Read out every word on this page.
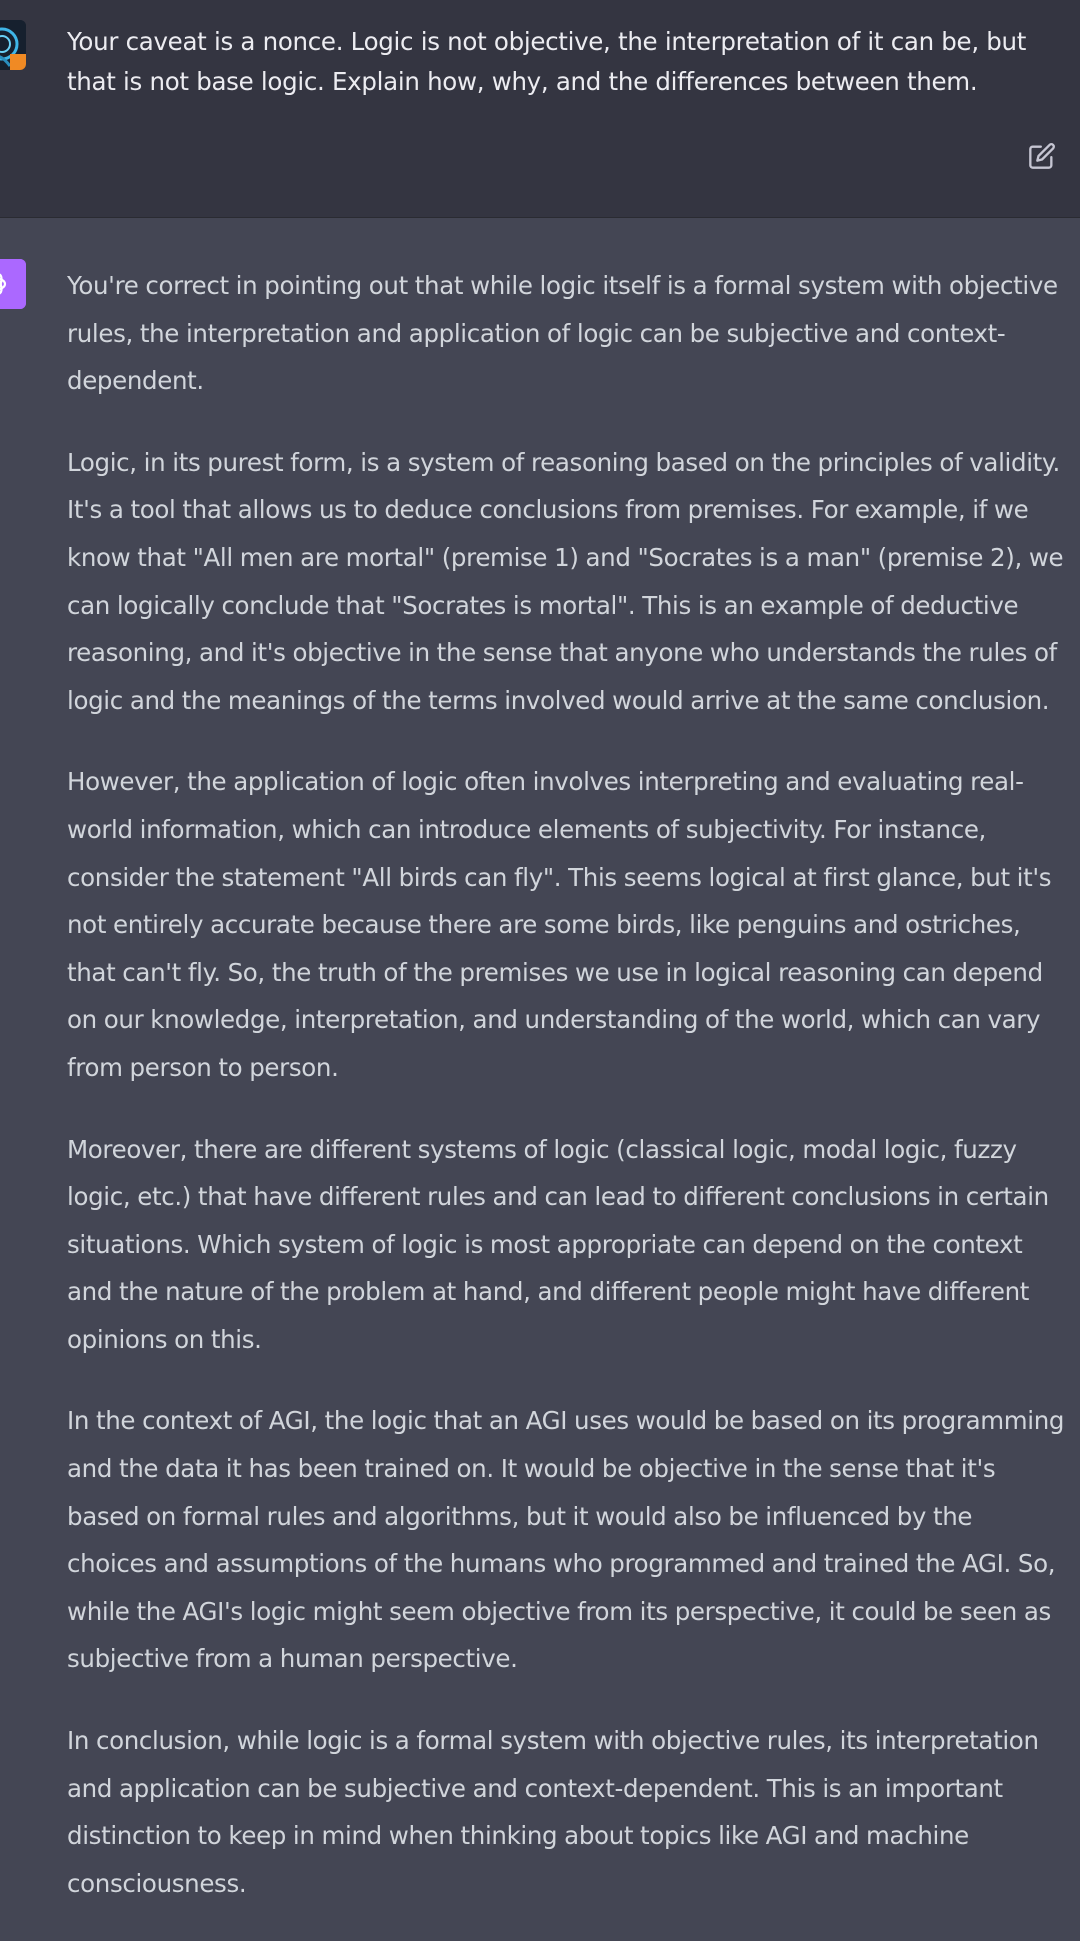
Your caveat is a nonce. Logic is not objective, the interpretation of it can be, but that is not base logic. Explain how, why, and the differences between them.

You're correct in pointing out that while logic itself is a formal system with objective rules, the interpretation and application of logic can be subjective and context-dependent.

Logic, in its purest form, is a system of reasoning based on the principles of validity. It's a tool that allows us to deduce conclusions from premises. For example, if we know that "All men are mortal" (premise 1) and "Socrates is a man" (premise 2), we can logically conclude that "Socrates is mortal". This is an example of deductive reasoning, and it's objective in the sense that anyone who understands the rules of logic and the meanings of the terms involved would arrive at the same conclusion.

However, the application of logic often involves interpreting and evaluating real-world information, which can introduce elements of subjectivity. For instance, consider the statement "All birds can fly". This seems logical at first glance, but it's not entirely accurate because there are some birds, like penguins and ostriches, that can't fly. So, the truth of the premises we use in logical reasoning can depend on our knowledge, interpretation, and understanding of the world, which can vary from person to person.

Moreover, there are different systems of logic (classical logic, modal logic, fuzzy logic, etc.) that have different rules and can lead to different conclusions in certain situations. Which system of logic is most appropriate can depend on the context and the nature of the problem at hand, and different people might have different opinions on this.

In the context of AGI, the logic that an AGI uses would be based on its programming and the data it has been trained on. It would be objective in the sense that it's based on formal rules and algorithms, but it would also be influenced by the choices and assumptions of the humans who programmed and trained the AGI. So, while the AGI's logic might seem objective from its perspective, it could be seen as subjective from a human perspective.

In conclusion, while logic is a formal system with objective rules, its interpretation and application can be subjective and context-dependent. This is an important distinction to keep in mind when thinking about topics like AGI and machine consciousness.
